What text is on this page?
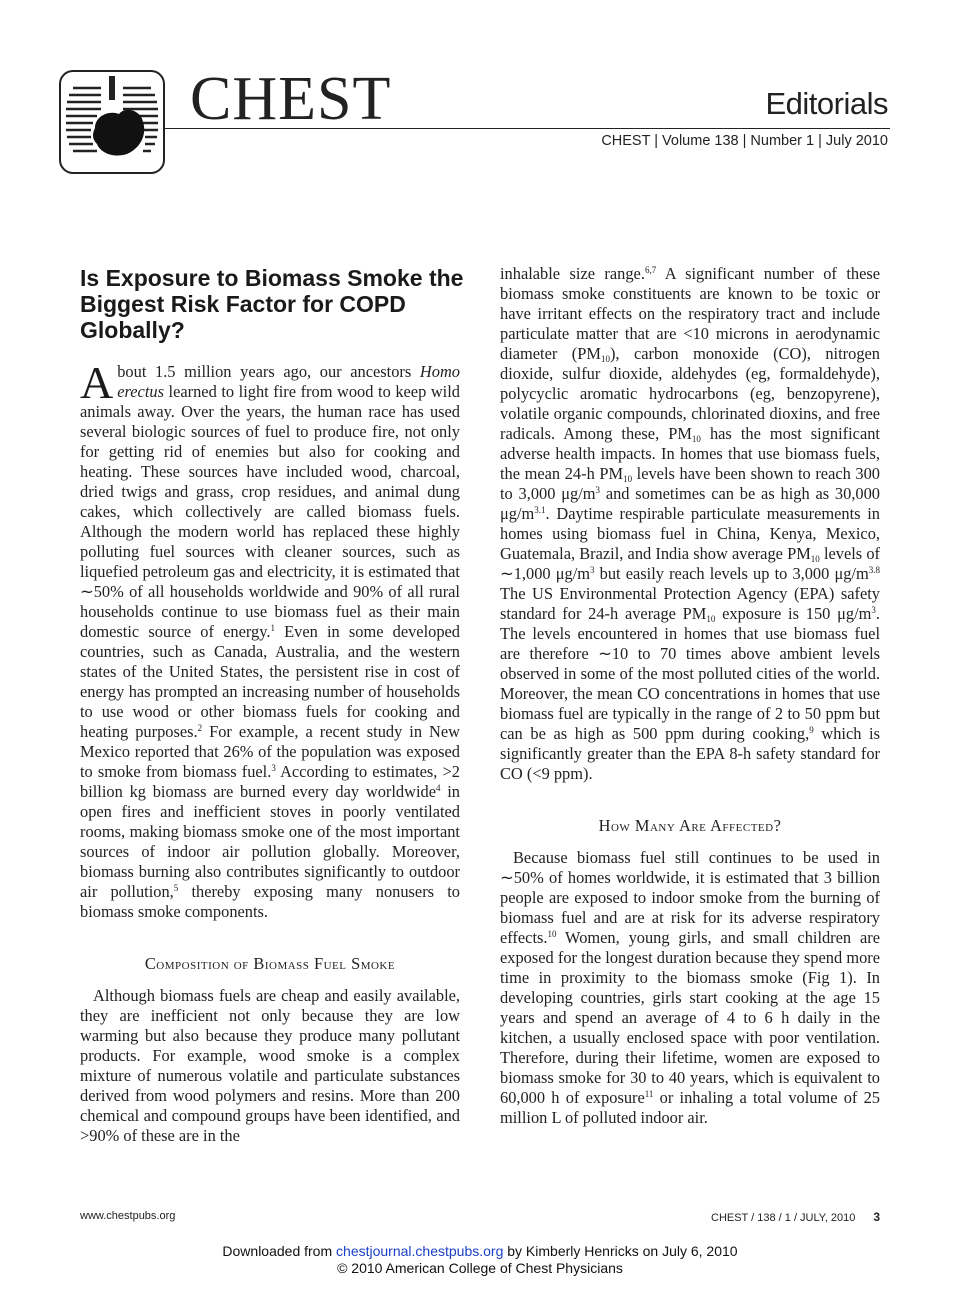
CHEST	Editorials
CHEST | Volume 138 | Number 1 | July 2010
Is Exposure to Biomass Smoke the Biggest Risk Factor for COPD Globally?

About 1.5 million years ago, our ancestors Homo erectus learned to light fire from wood to keep wild animals away. Over the years, the human race has used several biologic sources of fuel to produce fire, not only for getting rid of enemies but also for cooking and heating. These sources have included wood, charcoal, dried twigs and grass, crop residues, and animal dung cakes, which collectively are called biomass fuels. Although the modern world has replaced these highly polluting fuel sources with cleaner sources, such as liquefied petroleum gas and electricity, it is estimated that ∼50% of all households worldwide and 90% of all rural households continue to use biomass fuel as their main domestic source of energy.$^1$ Even in some developed countries, such as Canada, Australia, and the western states of the United States, the persistent rise in cost of energy has prompted an increasing number of households to use wood or other biomass fuels for cooking and heating purposes.$^2$ For example, a recent study in New Mexico reported that 26% of the population was exposed to smoke from biomass fuel.$^3$ According to estimates, >2 billion kg biomass are burned every day worldwide$^4$ in open fires and inefficient stoves in poorly ventilated rooms, making biomass smoke one of the most important sources of indoor air pollution globally. Moreover, biomass burning also contributes significantly to outdoor air pollution,$^5$ thereby exposing many nonusers to biomass smoke components.

Composition of Biomass Fuel Smoke

Although biomass fuels are cheap and easily available, they are inefficient not only because they are low warming but also because they produce many pollutant products. For example, wood smoke is a complex mixture of numerous volatile and particulate substances derived from wood polymers and resins. More than 200 chemical and compound groups have been identified, and >90% of these are in the

inhalable size range.$^{6,7}$ A significant number of these biomass smoke constituents are known to be toxic or have irritant effects on the respiratory tract and include particulate matter that are <10 microns in aerodynamic diameter $(PM_{10})$, carbon monoxide (CO), nitrogen dioxide, sulfur dioxide, aldehydes (eg, formaldehyde), polycyclic aromatic hydrocarbons (eg, benzopyrene), volatile organic compounds, chlorinated dioxins, and free radicals. Among these, $PM_{10}$ has the most significant adverse health impacts. In homes that use biomass fuels, the mean 24-h $PM_{10}$ levels have been shown to reach 300 to 3,000 $\mu g/m^3$ and sometimes can be as high as 30,000 $\mu g/m^{3.1}$. Daytime respirable particulate measurements in homes using biomass fuel in China, Kenya, Mexico, Guatemala, Brazil, and India show average $PM_{10}$ levels of ∼1,000 $\mu g/m^3$ but easily reach levels up to 3,000 $\mu g/m^{3.8}$ The US Environmental Protection Agency (EPA) safety standard for 24-h average $PM_{10}$ exposure is 150 $\mu g/m^3$. The levels encountered in homes that use biomass fuel are therefore ∼10 to 70 times above ambient levels observed in some of the most polluted cities of the world. Moreover, the mean CO concentrations in homes that use biomass fuel are typically in the range of 2 to 50 ppm but can be as high as 500 ppm during cooking,$^9$ which is significantly greater than the EPA 8-h safety standard for CO (<9 ppm).

How Many Are Affected?

Because biomass fuel still continues to be used in ∼50% of homes worldwide, it is estimated that 3 billion people are exposed to indoor smoke from the burning of biomass fuel and are at risk for its adverse respiratory effects.$^{10}$ Women, young girls, and small children are exposed for the longest duration because they spend more time in proximity to the biomass smoke (Fig 1). In developing countries, girls start cooking at the age 15 years and spend an average of 4 to 6 h daily in the kitchen, a usually enclosed space with poor ventilation. Therefore, during their lifetime, women are exposed to biomass smoke for 30 to 40 years, which is equivalent to 60,000 h of exposure$^{11}$ or inhaling a total volume of 25 million L of polluted indoor air.

www.chestpubs.org	CHEST / 138 / 1 / JULY, 2010 3
Downloaded from chestjournal.chestpubs.org by Kimberly Henricks on July 6, 2010
© 2010 American College of Chest Physicians
